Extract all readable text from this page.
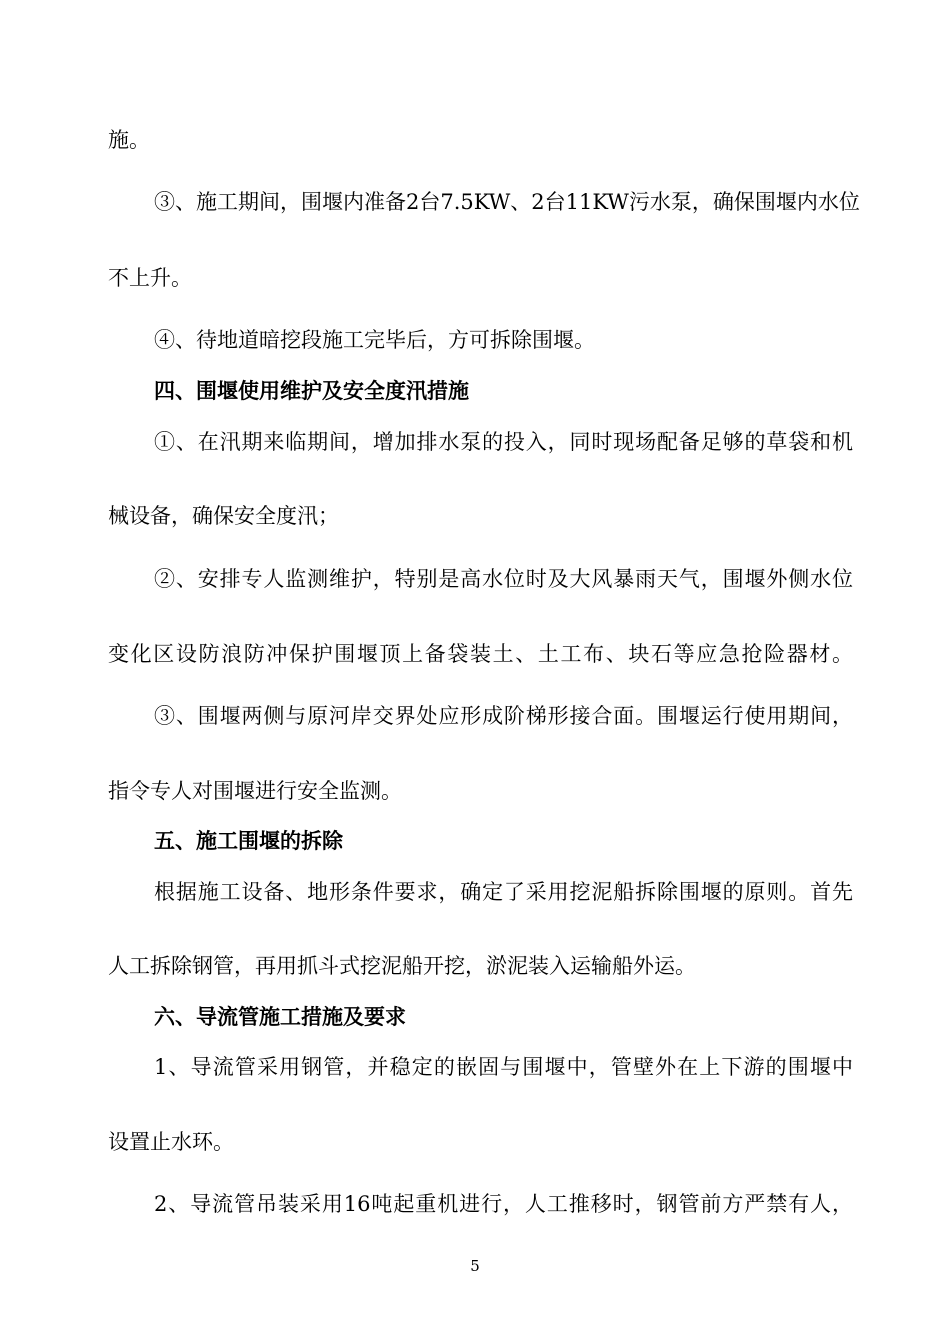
施。
③、施工期间，围堰内准备2台7.5KW、2台11KW污水泵，确保围堰内水位
不上升。
④、待地道暗挖段施工完毕后，方可拆除围堰。
四、围堰使用维护及安全度汛措施
①、在汛期来临期间，增加排水泵的投入，同时现场配备足够的草袋和机
械设备，确保安全度汛；
②、安排专人监测维护，特别是高水位时及大风暴雨天气，围堰外侧水位
变化区设防浪防冲保护围堰顶上备袋装土、土工布、块石等应急抢险器材。
③、围堰两侧与原河岸交界处应形成阶梯形接合面。围堰运行使用期间，
指令专人对围堰进行安全监测。
五、施工围堰的拆除
根据施工设备、地形条件要求，确定了采用挖泥船拆除围堰的原则。首先
人工拆除钢管，再用抓斗式挖泥船开挖，淤泥装入运输船外运。
六、导流管施工措施及要求
1、导流管采用钢管，并稳定的嵌固与围堰中，管壁外在上下游的围堰中
设置止水环。
2、导流管吊装采用16吨起重机进行，人工推移时，钢管前方严禁有人，
5
